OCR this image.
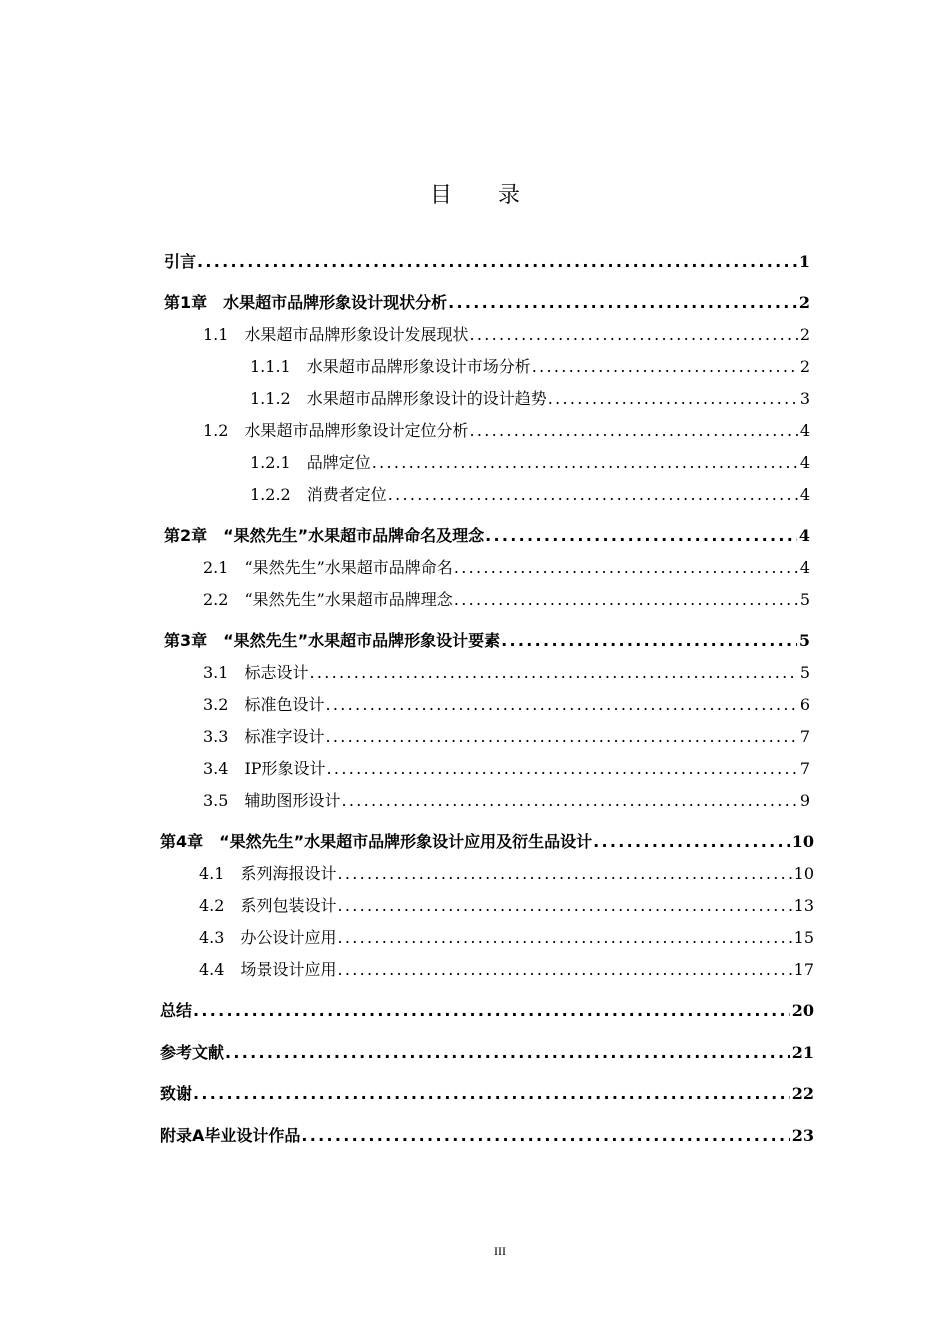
目录
引言 .....	1
第1章　水果超市品牌形象设计现状分析 .....	2
1.1　水果超市品牌形象设计发展现状 .....	2
1.1.1　水果超市品牌形象设计市场分析 .....	2
1.1.2　水果超市品牌形象设计的设计趋势 .....	3
1.2　水果超市品牌形象设计定位分析 .....	4
1.2.1　品牌定位 .....	4
1.2.2　消费者定位 .....	4
第2章　“果然先生”水果超市品牌命名及理念 .....	4
2.1　“果然先生”水果超市品牌命名 .....	4
2.2　“果然先生”水果超市品牌理念 .....	5
第3章　“果然先生”水果超市品牌形象设计要素 .....	5
3.1　标志设计 .....	5
3.2　标准色设计 .....	6
3.3　标准字设计 .....	7
3.4　IP形象设计 .....	7
3.5　辅助图形设计 .....	9
第4章　“果然先生”水果超市品牌形象设计应用及衍生品设计 .....	10
4.1　系列海报设计 .....	10
4.2　系列包装设计 .....	13
4.3　办公设计应用 .....	15
4.4　场景设计应用 .....	17
总结 .....	20
参考文献 .....	21
致谢 .....	22
附录A毕业设计作品 .....	23
III
